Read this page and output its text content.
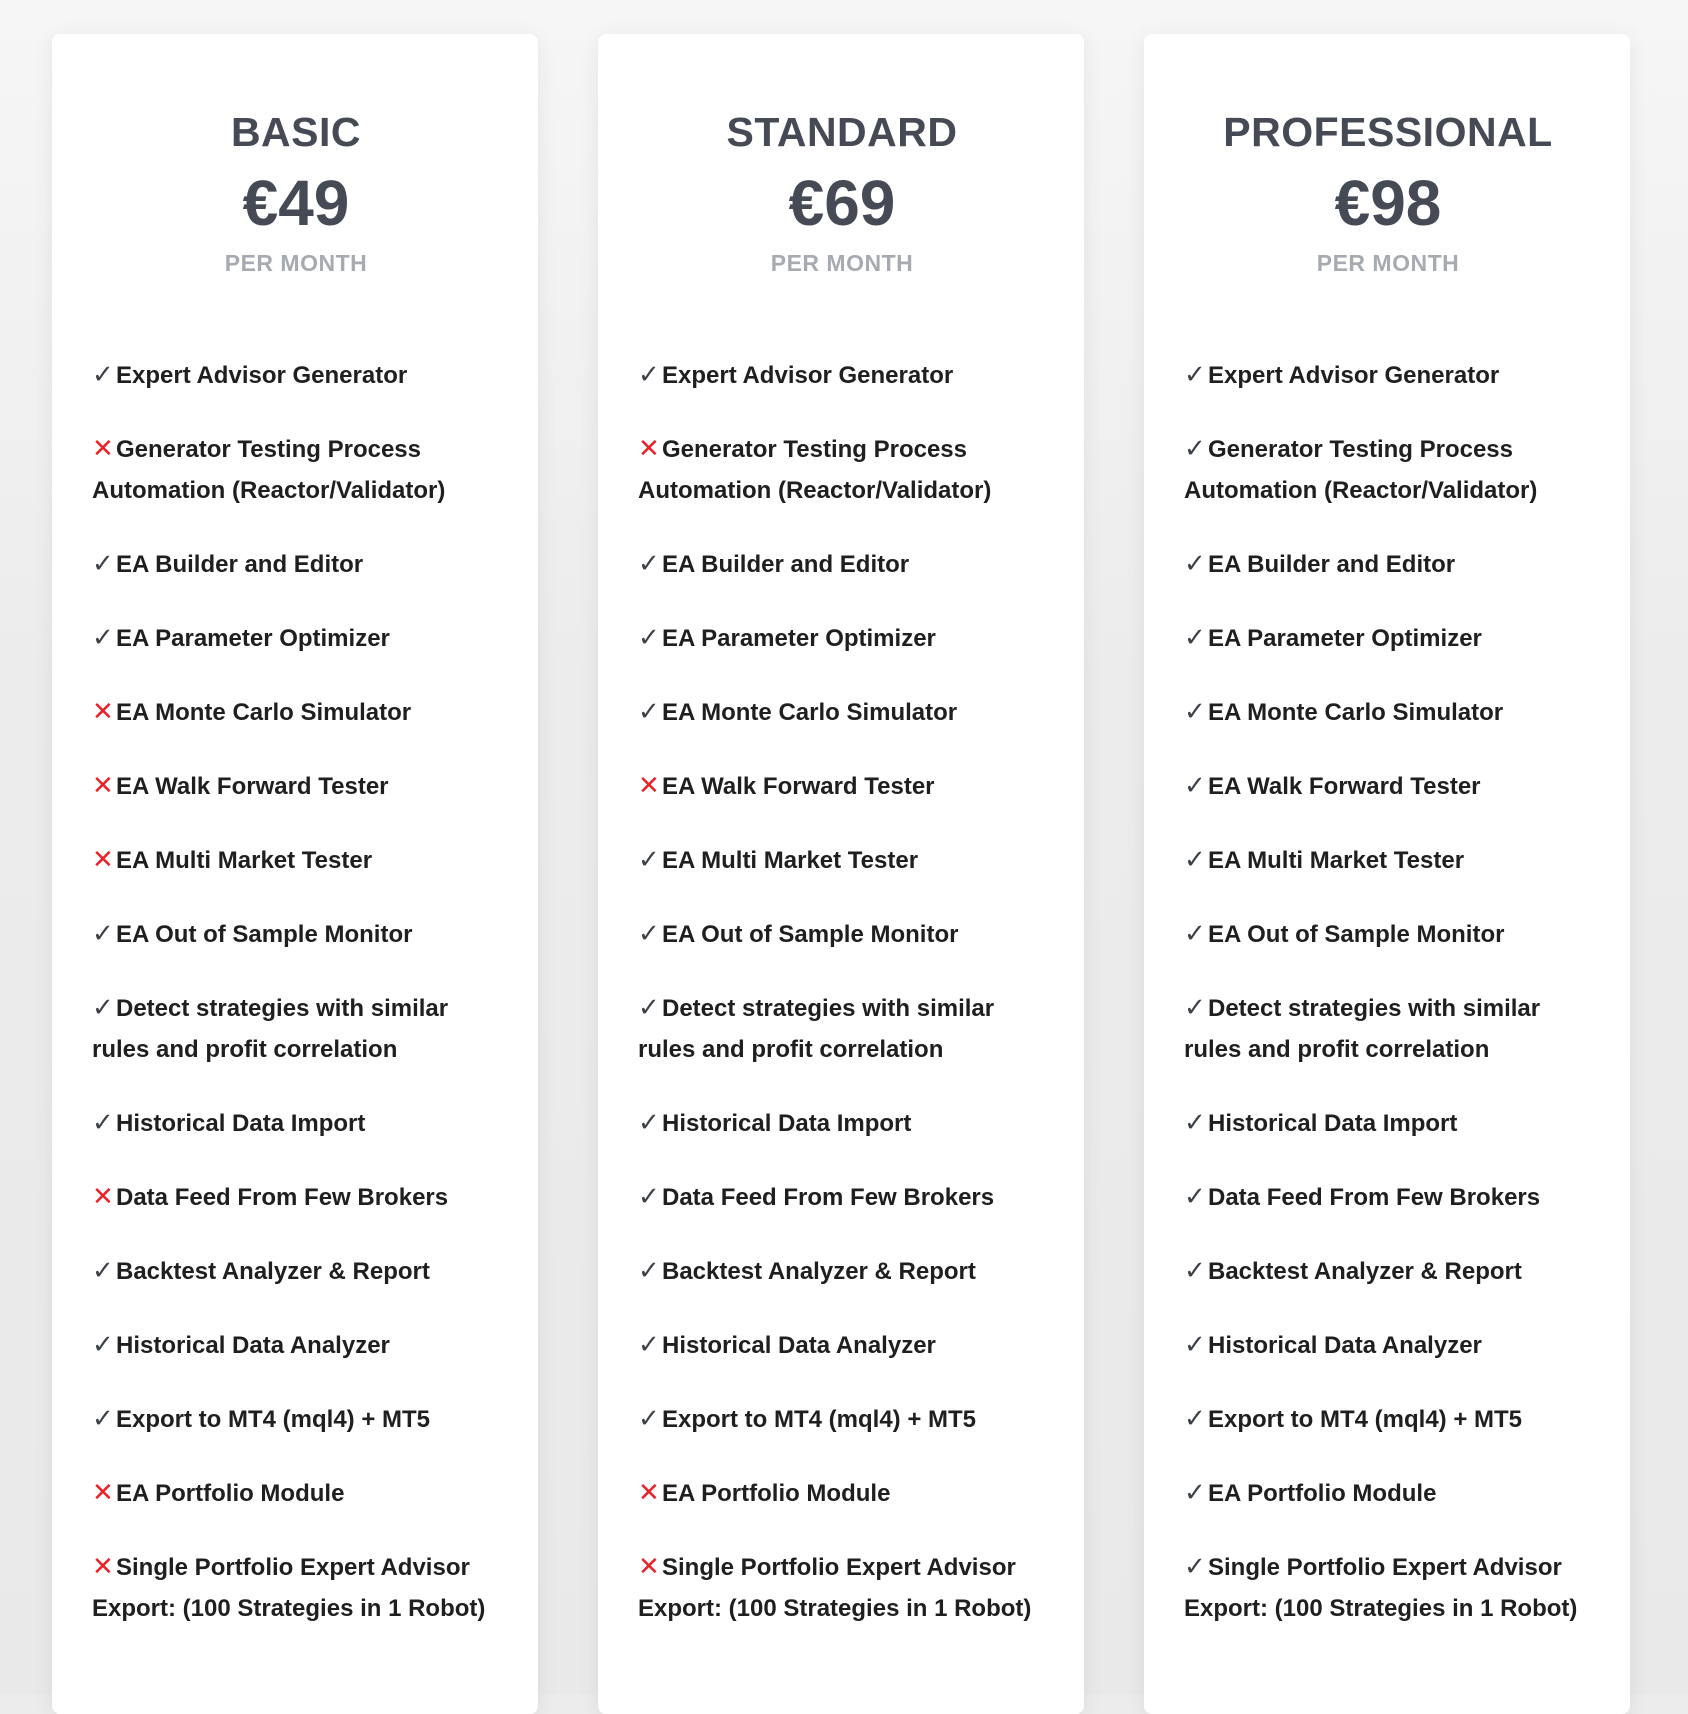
BASIC
€49
PER MONTH
✓Expert Advisor Generator
✕Generator Testing Process Automation (Reactor/Validator)
✓EA Builder and Editor
✓EA Parameter Optimizer
✕EA Monte Carlo Simulator
✕EA Walk Forward Tester
✕EA Multi Market Tester
✓EA Out of Sample Monitor
✓Detect strategies with similar rules and profit correlation
✓Historical Data Import
✕Data Feed From Few Brokers
✓Backtest Analyzer & Report
✓Historical Data Analyzer
✓Export to MT4 (mql4) + MT5
✕EA Portfolio Module
✕Single Portfolio Expert Advisor Export: (100 Strategies in 1 Robot)
STANDARD
€69
PER MONTH
✓Expert Advisor Generator
✕Generator Testing Process Automation (Reactor/Validator)
✓EA Builder and Editor
✓EA Parameter Optimizer
✓EA Monte Carlo Simulator
✕EA Walk Forward Tester
✓EA Multi Market Tester
✓EA Out of Sample Monitor
✓Detect strategies with similar rules and profit correlation
✓Historical Data Import
✓Data Feed From Few Brokers
✓Backtest Analyzer & Report
✓Historical Data Analyzer
✓Export to MT4 (mql4) + MT5
✕EA Portfolio Module
✕Single Portfolio Expert Advisor Export: (100 Strategies in 1 Robot)
PROFESSIONAL
€98
PER MONTH
✓Expert Advisor Generator
✓Generator Testing Process Automation (Reactor/Validator)
✓EA Builder and Editor
✓EA Parameter Optimizer
✓EA Monte Carlo Simulator
✓EA Walk Forward Tester
✓EA Multi Market Tester
✓EA Out of Sample Monitor
✓Detect strategies with similar rules and profit correlation
✓Historical Data Import
✓Data Feed From Few Brokers
✓Backtest Analyzer & Report
✓Historical Data Analyzer
✓Export to MT4 (mql4) + MT5
✓EA Portfolio Module
✓Single Portfolio Expert Advisor Export: (100 Strategies in 1 Robot)
